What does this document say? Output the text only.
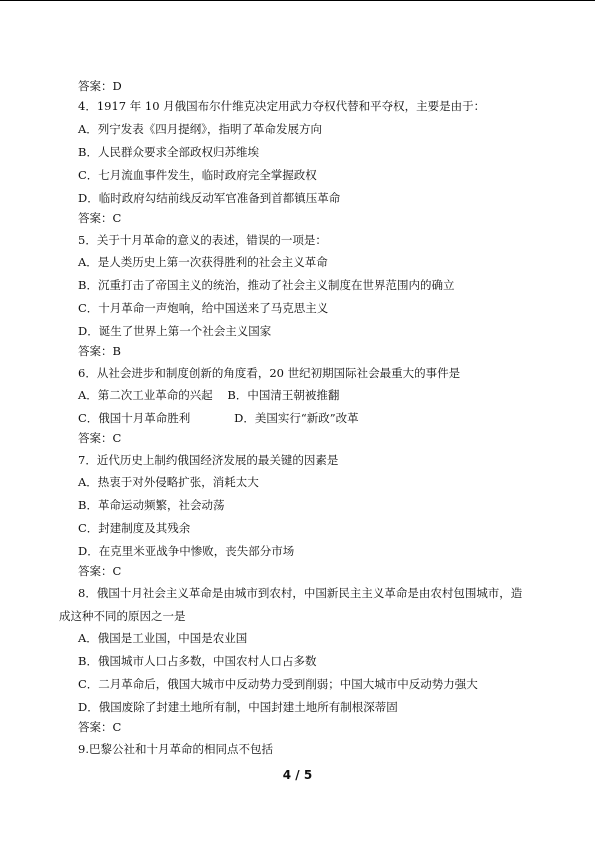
答案：D
4．1917 年 10 月俄国布尔什维克决定用武力夺权代替和平夺权，主要是由于：
A．列宁发表《四月提纲》，指明了革命发展方向
B．人民群众要求全部政权归苏维埃
C．七月流血事件发生，临时政府完全掌握政权
D．临时政府勾结前线反动军官准备到首都镇压革命
答案：C
5．关于十月革命的意义的表述，错误的一项是：
A．是人类历史上第一次获得胜利的社会主义革命
B．沉重打击了帝国主义的统治，推动了社会主义制度在世界范围内的确立
C．十月革命一声炮响，给中国送来了马克思主义
D．诞生了世界上第一个社会主义国家
答案：B
6．从社会进步和制度创新的角度看，20 世纪初期国际社会最重大的事件是
A．第二次工业革命的兴起    B．中国清王朝被推翻
C．俄国十月革命胜利            D．美国实行“新政”改革
答案：C
7．近代历史上制约俄国经济发展的最关键的因素是
A．热衷于对外侵略扩张，消耗太大
B．革命运动频繁，社会动荡
C．封建制度及其残余
D．在克里米亚战争中惨败，丧失部分市场
答案：C
8．俄国十月社会主义革命是由城市到农村，中国新民主主义革命是由农村包围城市，造
成这种不同的原因之一是
A．俄国是工业国，中国是农业国
B．俄国城市人口占多数，中国农村人口占多数
C．二月革命后，俄国大城市中反动势力受到削弱；中国大城市中反动势力强大
D．俄国废除了封建土地所有制，中国封建土地所有制根深蒂固
答案：C
9.巴黎公社和十月革命的相同点不包括
4 / 5
